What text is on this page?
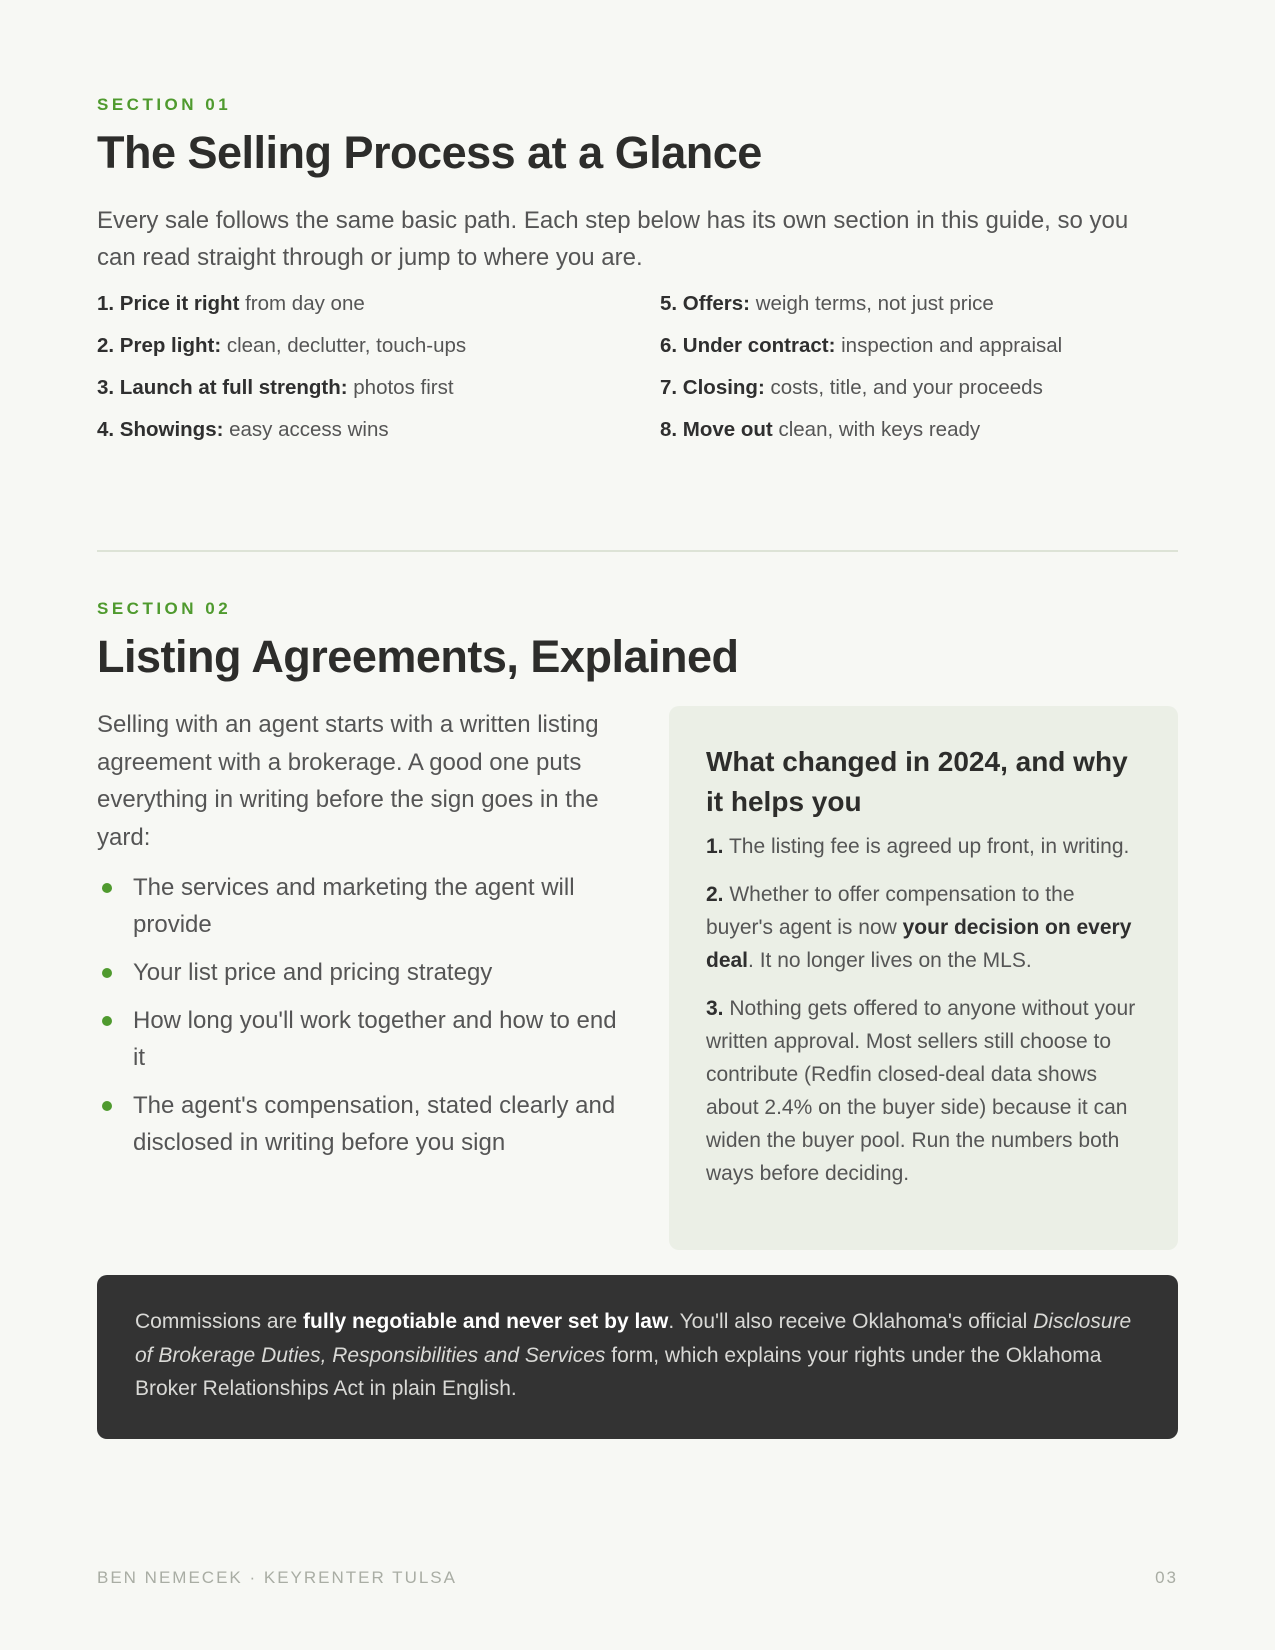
SECTION 01
The Selling Process at a Glance

Every sale follows the same basic path. Each step below has its own section in this guide, so you can read straight through or jump to where you are.

1. Price it right from day one
2. Prep light: clean, declutter, touch-ups
3. Launch at full strength: photos first
4. Showings: easy access wins
5. Offers: weigh terms, not just price
6. Under contract: inspection and appraisal
7. Closing: costs, title, and your proceeds
8. Move out clean, with keys ready
SECTION 02
Listing Agreements, Explained

Selling with an agent starts with a written listing agreement with a brokerage. A good one puts everything in writing before the sign goes in the yard:

The services and marketing the agent will provide
Your list price and pricing strategy
How long you'll work together and how to end it
The agent's compensation, stated clearly and disclosed in writing before you sign
What changed in 2024, and why it helps you

1. The listing fee is agreed up front, in writing.

2. Whether to offer compensation to the buyer's agent is now your decision on every deal. It no longer lives on the MLS.

3. Nothing gets offered to anyone without your written approval. Most sellers still choose to contribute (Redfin closed-deal data shows about 2.4% on the buyer side) because it can widen the buyer pool. Run the numbers both ways before deciding.

Commissions are fully negotiable and never set by law. You'll also receive Oklahoma's official Disclosure of Brokerage Duties, Responsibilities and Services form, which explains your rights under the Oklahoma Broker Relationships Act in plain English.
BEN NEMECEK · KEYRENTER TULSA	03
